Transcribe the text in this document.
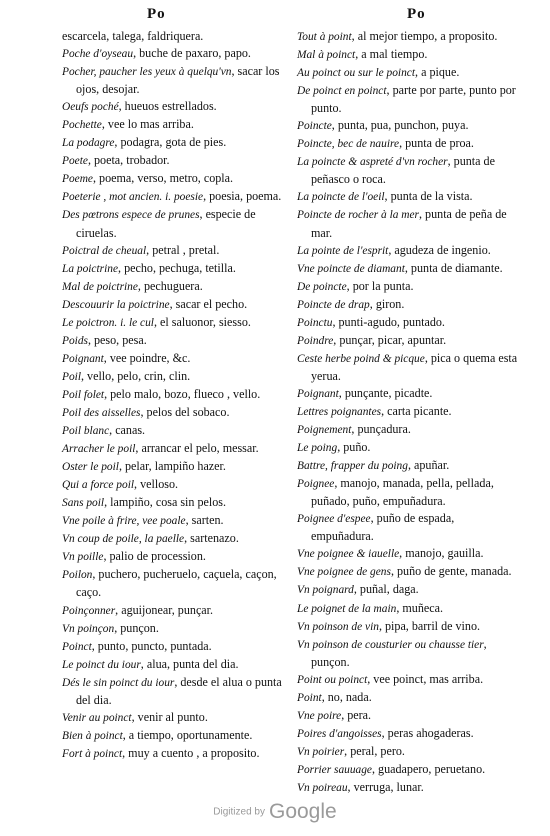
Po	Po

escarcela, talega, faldriquera.

Poche d'oyseau, buche de paxaro, papo.

Pocher, paucher les yeux à quelqu'vn, sacar los ojos, desojar.

Oeufs poché, hueuos estrellados.

Pochette, vee lo mas arriba.

La podagre, podagra, gota de pies.

Poete, poeta, trobador.

Poeme, poema, verso, metro, copla.

Poeterie , mot ancien. i. poesie, poesia, poema.

Des pœtrons espece de prunes, especie de ciruelas.

Poictral de cheual, petral , pretal.

La poictrine, pecho, pechuga, tetilla.

Mal de poictrine, pechuguera.

Descouurir la poictrine, sacar el pecho.

Le poictron. i. le cul, el saluonor, siesso.

Poids, peso, pesa.

Poignant, vee poindre, &c.

Poil, vello, pelo, crin, clin.

Poil folet, pelo malo, bozo, flueco , vello.

Poil des aisselles, pelos del sobaco.

Poil blanc, canas.

Arracher le poil, arrancar el pelo, messar.

Oster le poil, pelar, lampiño hazer.

Qui a force poil, velloso.

Sans poil, lampiño, cosa sin pelos.

Vne poile à frire, vee poale, sarten.

Vn coup de poile, la paelle, sartenazo.

Vn poille, palio de procession.

Poilon, puchero, pucheruelo, caçuela, caçon, caço.

Poinçonner, aguijonear, punçar.

Vn poinçon, punçon.

Poinct, punto, puncto, puntada.

Le poinct du iour, alua, punta del dia.

Dés le sin poinct du iour, desde el alua o punta del dia.

Venir au poinct, venir al punto.

Bien à poinct, a tiempo, oportunamente.

Fort à poinct, muy a cuento , a proposito.

Tout à point, al mejor tiempo, a proposito.

Mal à poinct, a mal tiempo.

Au poinct ou sur le poinct, a pique.

De poinct en poinct, parte por parte, punto por punto.

Poincte, punta, pua, punchon, puya.

Poincte, bec de nauire, punta de proa.

La poincte & aspreté d'vn rocher, punta de peñasco o roca.

La poincte de l'oeil, punta de la vista.

Poincte de rocher à la mer, punta de peña de mar.

La pointe de l'esprit, agudeza de ingenio.

Vne poincte de diamant, punta de diamante.

De poincte, por la punta.

Poincte de drap, giron.

Poinctu, punti-agudo, puntado.

Poindre, punçar, picar, apuntar.

Ceste herbe poind & picque, pica o quema esta yerua.

Poignant, punçante, picadte.

Lettres poignantes, carta picante.

Poignement, punçadura.

Le poing, puño.

Battre, frapper du poing, apuñar.

Poignee, manojo, manada, pella, pellada, puñado, puño, empuñadura.

Poignee d'espee, puño de espada, empuñadura.

Vne poignee & iauelle, manojo, gauilla.

Vne poignee de gens, puño de gente, manada.

Vn poignard, puñal, daga.

Le poignet de la main, muñeca.

Vn poinson de vin, pipa, barril de vino.

Vn poinson de cousturier ou chausse tier, punçon.

Point ou poinct, vee poinct, mas arriba.

Point, no, nada.

Vne poire, pera.

Poires d'angoisses, peras ahogaderas.

Vn poirier, peral, pero.

Porrier sauuage, guadapero, peruetano.

Vn poireau, verruga, lunar.

Digitized by Google
